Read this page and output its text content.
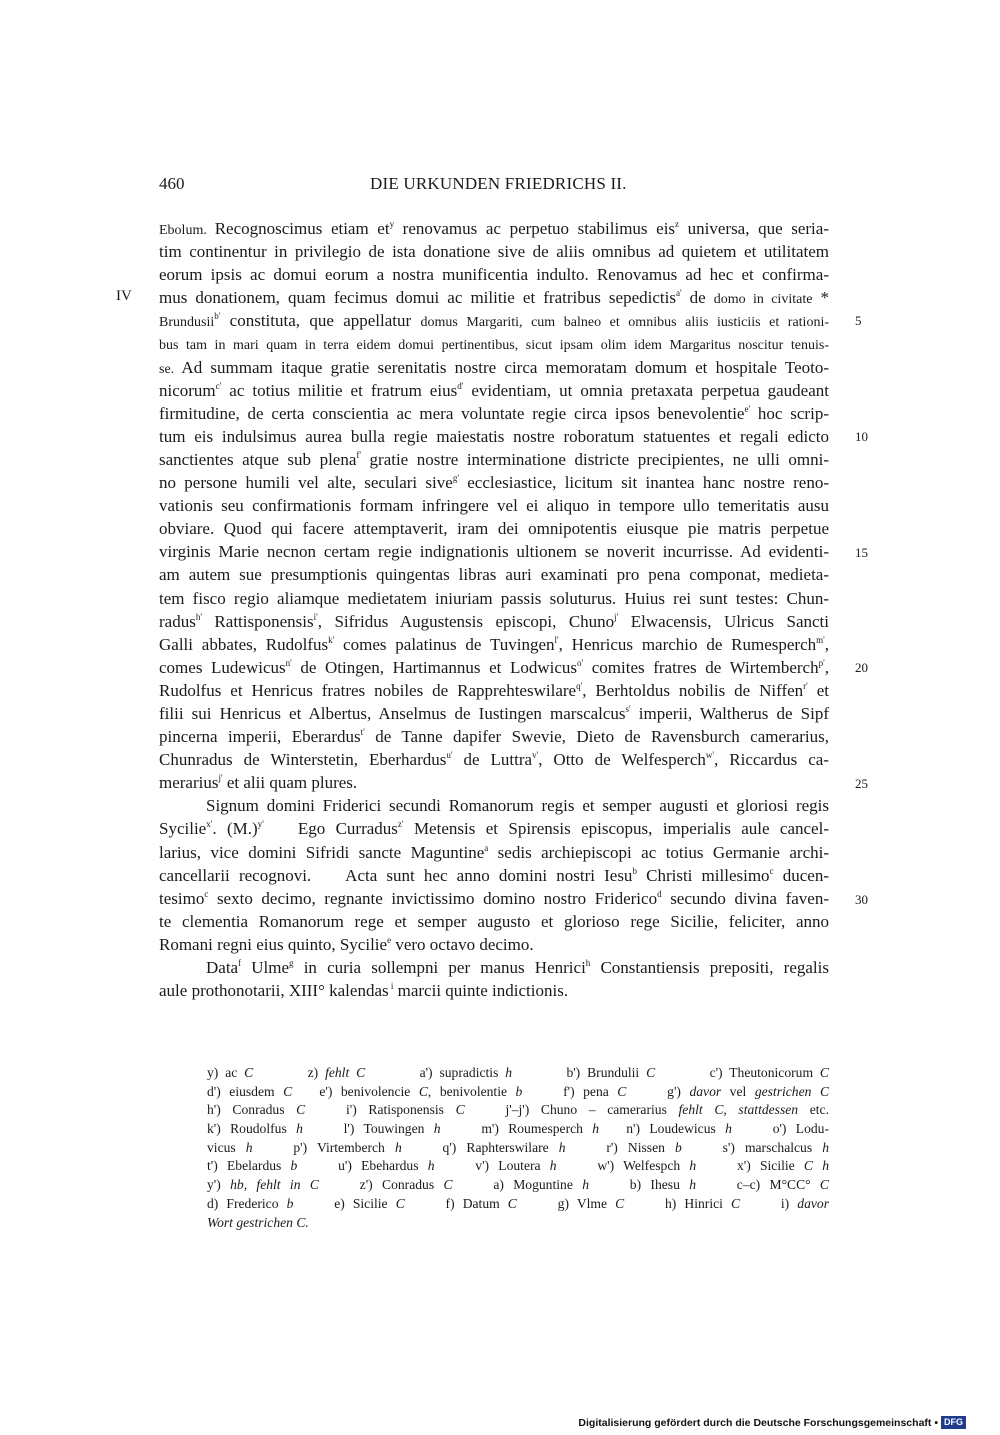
460	DIE URKUNDEN FRIEDRICHS II.
IV
5
10
15
20
25
30
Ebolum. Recognoscimus etiam $et^y$ renovamus ac perpetuo stabilimus eis$^z$ universa, que seria-
tim continentur in privilegio de ista donatione sive de aliis omnibus ad quietem et utilitatem
eorum ipsis ac domui eorum a nostra munificentia indulto. Renovamus ad hec et confirma-
mus donationem, quam fecimus domui ac militie et fratribus sepedictis$^{a'}$ de domo in civitate *
Brundusii$^{b'}$ constituta, que appellatur domus Margariti, cum balneo et omnibus aliis iusticiis et rationi-
bus tam in mari quam in terra eidem domui pertinentibus, sicut ipsam olim idem Margaritus noscitur tenuis-
se. Ad summam itaque gratie serenitatis nostre circa memoratam domum et hospitale Teoto-
nicorum$^{c'}$ ac totius militie et fratrum eius$^{d'}$ evidentiam, ut omnia pretaxata perpetua gaudeant
firmitudine, de certa conscientia ac mera voluntate regie circa ipsos benevolentie$^{e'}$ hoc scrip-
tum eis indulsimus aurea bulla regie maiestatis nostre roboratum statuentes et regali edicto
sanctientes atque sub plena$^{f'}$ gratie nostre interminatione districte precipientes, ne ulli omni-
no persone humili vel alte, seculari sive$^{g'}$ ecclesiastice, licitum sit inantea hanc nostre reno-
vationis seu confirmationis formam infringere vel ei aliquo in tempore ullo temeritatis ausu
obviare. Quod qui facere attemptaverit, iram dei omnipotentis eiusque pie matris perpetue
virginis Marie necnon certam regie indignationis ultionem se noverit incurrisse. Ad evidenti-
am autem sue presumptionis quingentas libras auri examinati pro pena componat, medieta-
tem fisco regio aliamque medietatem iniuriam passis soluturus. Huius rei sunt testes: Chun-
radus$^{h'}$ Rattisponensis$^{i'}$, Sifridus Augustensis episcopi, Chuno$^{j'}$ Elwacensis, Ulricus Sancti
Galli abbates, Rudolfus$^{k'}$ comes palatinus de Tuvingen$^{l'}$, Henricus marchio de Rumesperch$^{m'}$,
comes Ludewicus$^{n'}$ de Otingen, Hartimannus et Lodwicus$^{o'}$ comites fratres de Wirtemberch$^{p'}$,
Rudolfus et Henricus fratres nobiles de Rapprehteswilare$^{q'}$, Berhtoldus nobilis de Niffen$^{r'}$ et
filii sui Henricus et Albertus, Anselmus de Iustingen marscalcus$^{s'}$ imperii, Waltherus de Sipf
pincerna imperii, Eberardus$^{t'}$ de Tanne dapifer Swevie, Dieto de Ravensburch camerarius,
Chunradus de Winterstetin, Eberhardus$^{u'}$ de Luttra$^{v'}$, Otto de Welfesperch$^{w'}$, Riccardus ca-
merarius$^{j'}$ et alii quam plures.
Signum domini Friderici secundi Romanorum regis et semper augusti et gloriosi regis
Sycilie$^{x'}$. $(M.)^{y'}$  Ego Curradus$^{z'}$ Metensis et Spirensis episcopus, imperialis aule cancel-
larius, vice domini Sifridi sancte Maguntine$^a$ sedis archiepiscopi ac totius Germanie archi-
cancellarii recognovi.  Acta sunt hec anno domini nostri Iesu$^b$ Christi millesimo$^c$ ducen-
tesimo$^c$ sexto decimo, regnante invictissimo domino nostro Friderico$^d$ secundo divina faven-
te clementia Romanorum rege et semper augusto et glorioso rege Sicilie, feliciter, anno
Romani regni eius quinto, Sycilie$^e$ vero octavo decimo.
Data$^f$ Ulme$^g$ in curia sollempni per manus Henrici$^h$ Constantiensis prepositi, regalis
aule prothonotarii, XIII° kalendas $^i$ marcii quinte indictionis.
y) ac C    z) fehlt C    a') supradictis h    b') Brundulii C    c') Theutonicorum C
d') eiusdem C  e') benivolencie C, benivolentie b   f') pena C   g') davor vel gestrichen C
h') Conradus C   i') Ratisponensis C   j'–j') Chuno – camerarius fehlt C, stattdessen etc.
k') Roudolfus h   l') Touwingen h   m') Roumesperch h  n') Loudewicus h   o') Lodu-
vicus h   p') Virtemberch h   q') Raphterswilare h   r') Nissen b   s') marschalcus h
t') Ebelardus b   u') Ebehardus h   v') Loutera h   w') Welfespch h   x') Sicilie C h
y') hb, fehlt in C   z') Conradus C   a) Moguntine h   b) Ihesu h   c–c) M°CC° C
d) Frederico b   e) Sicilie C   f) Datum C   g) Vlme C   h) Hinrici C   i) davor
Wort gestrichen C.
Digitalisierung gefördert durch die Deutsche Forschungsgemeinschaft • DFG
